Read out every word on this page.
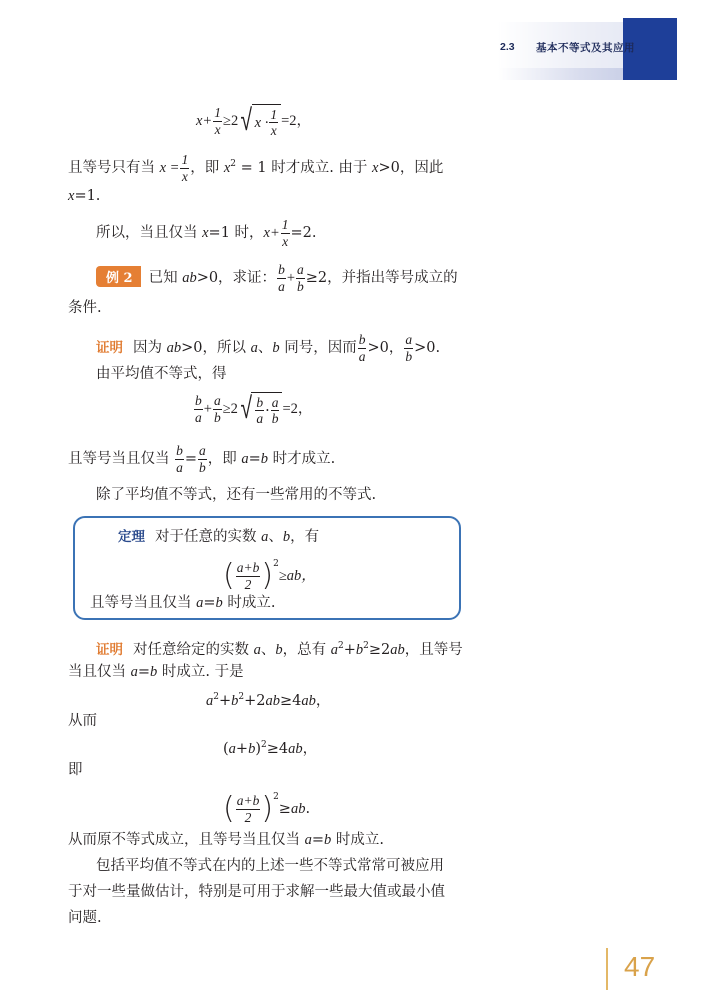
2.3 基本不等式及其应用
$x+ \frac{1}{x} \ge 2$ √ $x \cdot \frac{1}{x} =2$，
且等号只有当 $x = \frac{1}{x}$ ，即 $x^2 = 1$ 时才成立. 由于 x>0，因此
x=1.
所以，当且仅当 x=1 时，$x+ \frac{1}{x} =2$.
例 2 已知 ab>0，求证： $\frac{b}{a} + \frac{a}{b} \ge 2$，并指出等号成立的
条件.
证明 因为 ab>0，所以 a、b 同号，因而 $\frac{b}{a} >0$， $\frac{a}{b} >0$.
由平均值不等式，得
$\frac{b}{a} + \frac{a}{b} \ge 2$ √ $\frac{b}{a} \cdot \frac{a}{b} =2$，
且等号当且仅当 $\frac{b}{a} = \frac{a}{b}$ ，即 a=b 时才成立.
除了平均值不等式，还有一些常用的不等式.
定理 对于任意的实数 a、b，有
( $\frac{a+b}{2} )^2\ge ab$，
且等号当且仅当 a=b 时成立.
证明 对任意给定的实数 a、b，总有 $a^2+b^2\ge 2ab$，且等号
当且仅当 a=b 时成立. 于是
$a^2+b^2+2ab\ge 4ab$，
从而
$(a+b)^2\ge 4ab$，
即
( $\frac{a+b}{2} )^2\ge ab$.
从而原不等式成立，且等号当且仅当 a=b 时成立.
包括平均值不等式在内的上述一些不等式常常可被应用
于对一些量做估计，特别是可用于求解一些最大值或最小值
问题.
47
